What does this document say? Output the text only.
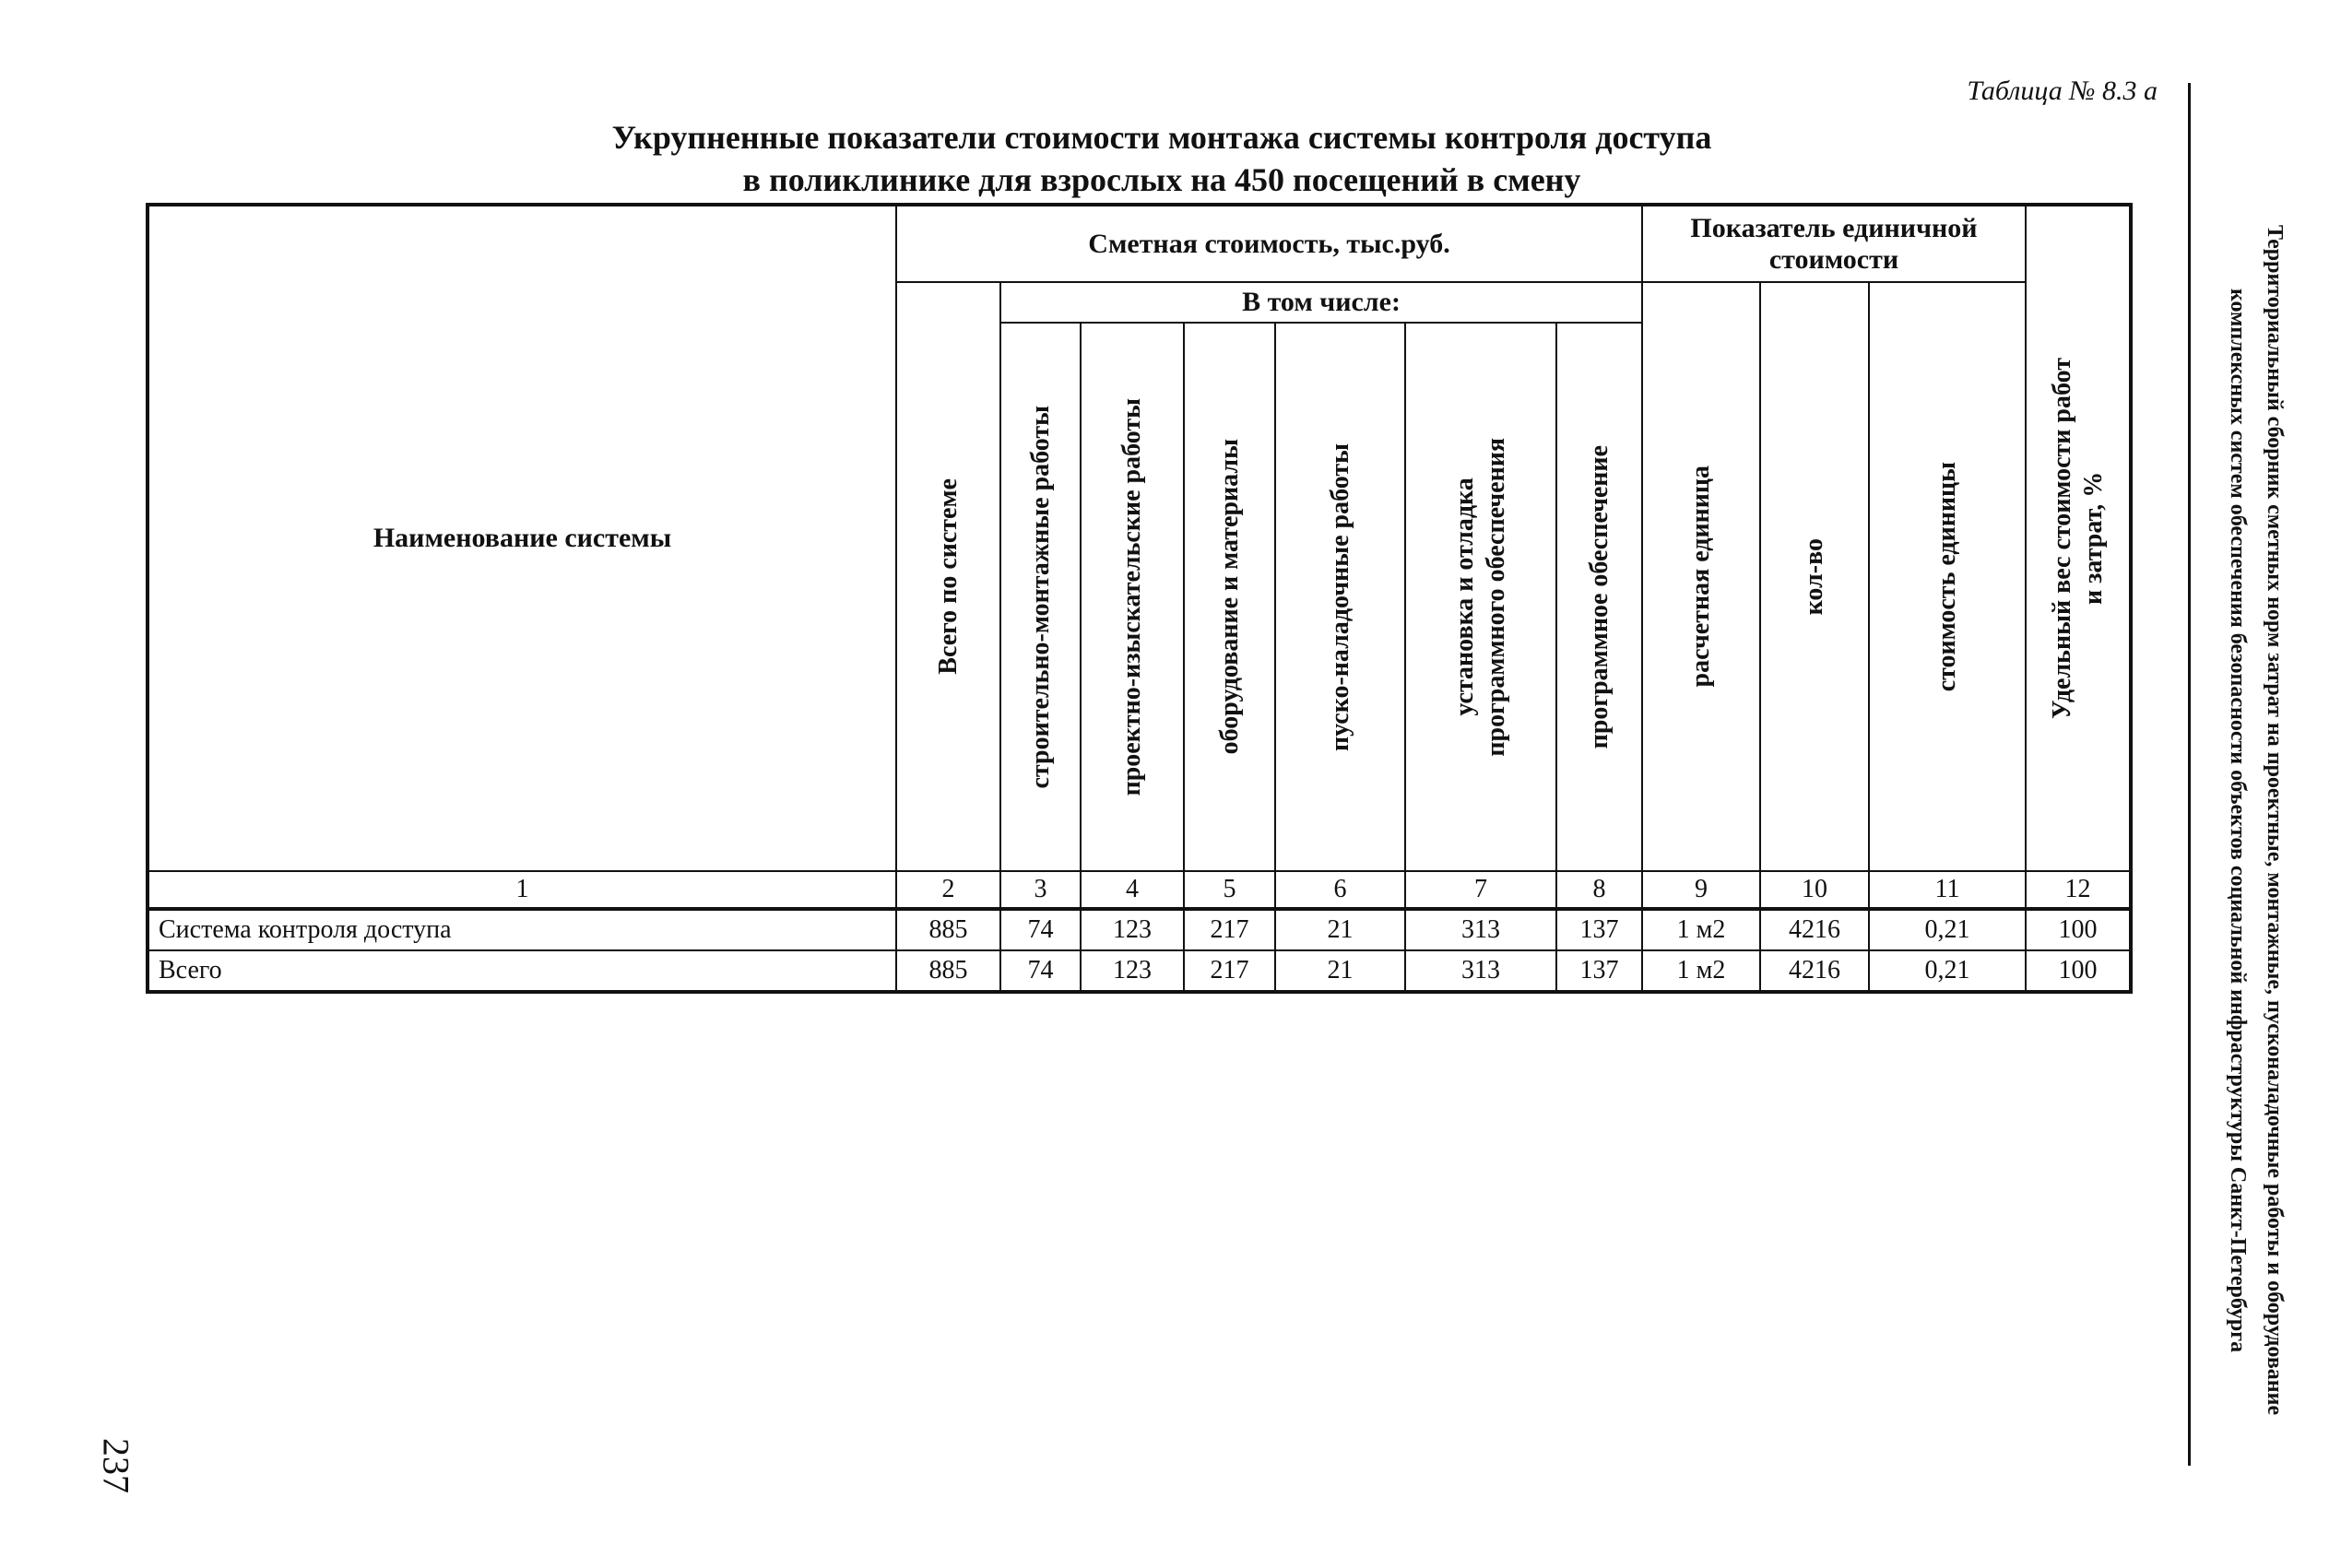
Таблица № 8.3 а
Укрупненные показатели стоимости монтажа системы контроля доступа
в поликлинике для взрослых на 450 посещений в смену
Наименование системы	Сметная стоимость, тыс.руб.							Показатель единичной стоимости			Удельный вес стоимости работ и затрат, %

	Всего по системе	В том числе:						расчетная единица	кол-во	стоимость единицы	

		строительно-монтажные работы	проектно-изыскательские работы	оборудование и материалы	пуско-наладочные работы	установка и отладка программного обеспечения	программное обеспечение				

1	2	3	4	5	6	7	8	9	10	11	12
Система контроля доступа	885	74	123	217	21	313	137	1 м2	4216	0,21	100
Всего	885	74	123	217	21	313	137	1 м2	4216	0,21	100	Территориальный сборник сметных норм затрат на проектные, монтажные, пусконаладочные работы и оборудование
комплексных систем обеспечения безопасности объектов социальной инфраструктуры Санкт-Петербурга
237
